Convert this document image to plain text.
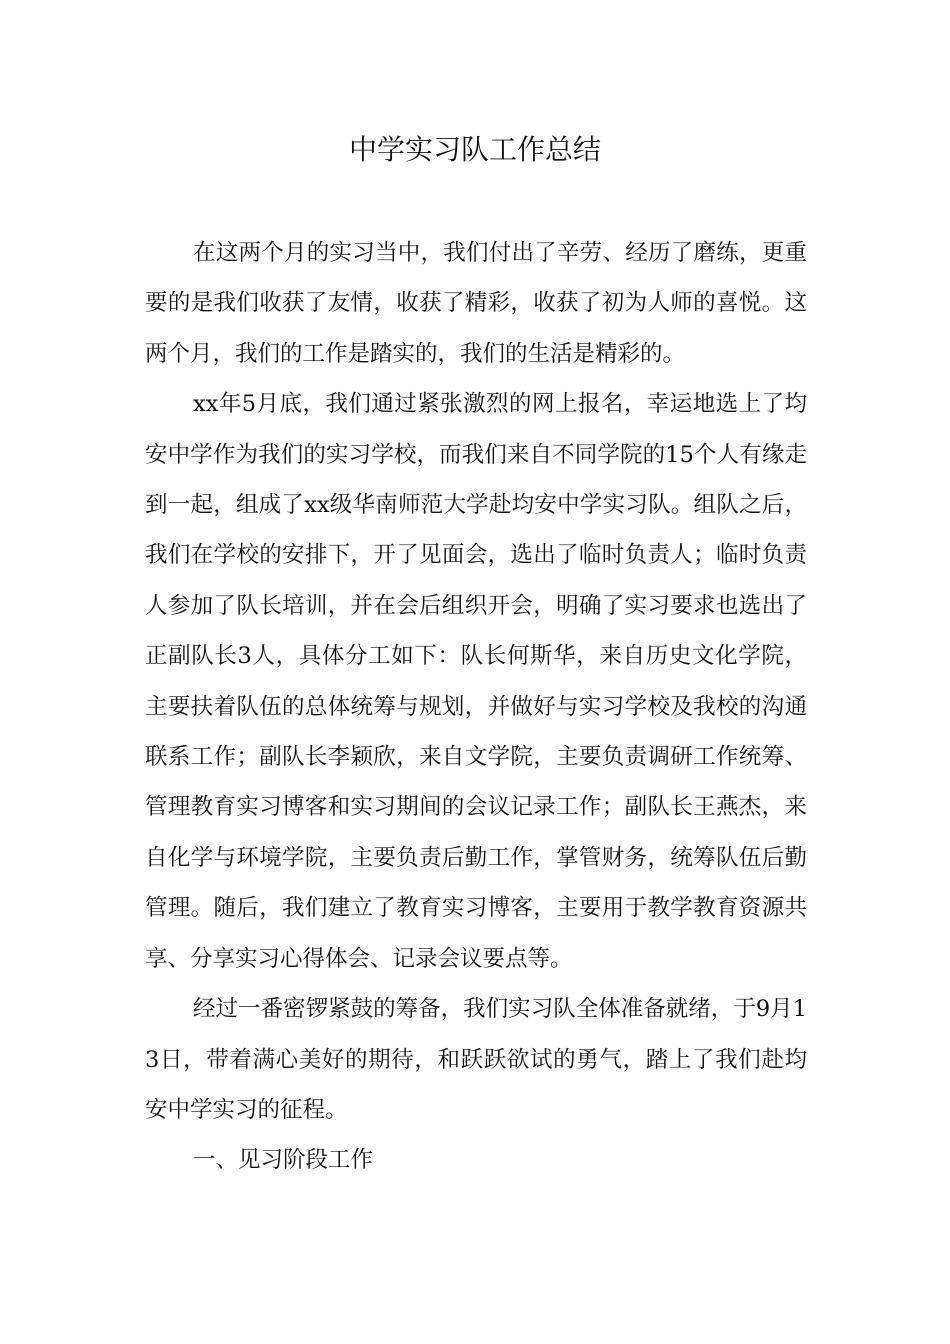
中学实习队工作总结

在这两个月的实习当中，我们付出了辛劳、经历了磨练，更重要的是我们收获了友情，收获了精彩，收获了初为人师的喜悦。这两个月，我们的工作是踏实的，我们的生活是精彩的。

xx年5月底，我们通过紧张激烈的网上报名，幸运地选上了均安中学作为我们的实习学校，而我们来自不同学院的15个人有缘走到一起，组成了xx级华南师范大学赴均安中学实习队。组队之后，我们在学校的安排下，开了见面会，选出了临时负责人；临时负责人参加了队长培训，并在会后组织开会，明确了实习要求也选出了正副队长3人，具体分工如下：队长何斯华，来自历史文化学院，主要扶着队伍的总体统筹与规划，并做好与实习学校及我校的沟通联系工作；副队长李颖欣，来自文学院，主要负责调研工作统筹、管理教育实习博客和实习期间的会议记录工作；副队长王燕杰，来自化学与环境学院，主要负责后勤工作，掌管财务，统筹队伍后勤管理。随后，我们建立了教育实习博客，主要用于教学教育资源共享、分享实习心得体会、记录会议要点等。

经过一番密锣紧鼓的筹备，我们实习队全体准备就绪，于9月13日，带着满心美好的期待，和跃跃欲试的勇气，踏上了我们赴均安中学实习的征程。

一、见习阶段工作
